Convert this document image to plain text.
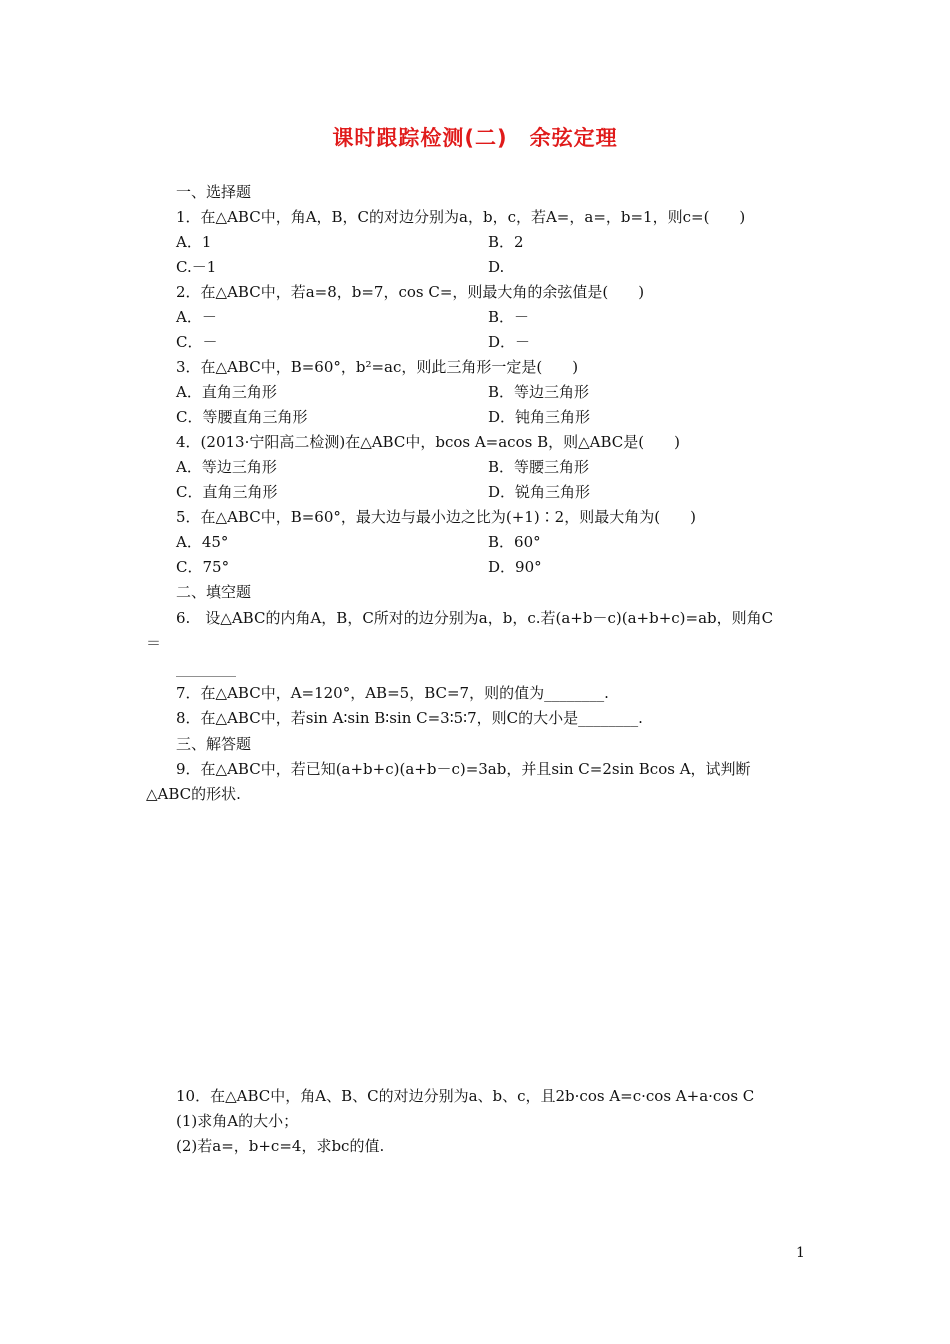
课时跟踪检测(二)　余弦定理
一、选择题
1．在△ABC中，角A，B，C的对边分别为a，b，c，若A=，a=，b=1，则c=(　　)
A．1	B．2
C.－1	D.
2．在△ABC中，若a=8，b=7，cos C=，则最大角的余弦值是(　　)
A．－	B．－
C．－	D．－
3．在△ABC中，B=60°，b²=ac，则此三角形一定是(　　)
A．直角三角形	B．等边三角形
C．等腰直角三角形	D．钝角三角形
4．(2013·宁阳高二检测)在△ABC中，bcos A=acos B，则△ABC是(　　)
A．等边三角形	B．等腰三角形
C．直角三角形	D．锐角三角形
5．在△ABC中，B=60°，最大边与最小边之比为(+1)∶2，则最大角为(　　)
A．45°	B．60°
C．75°	D．90°
二、填空题
6.　设△ABC的内角A，B，C所对的边分别为a，b，c.若(a+b－c)(a+b+c)=ab，则角C
＝
________
7．在△ABC中，A=120°，AB=5，BC=7，则的值为________.
8．在△ABC中，若sin A∶sin B∶sin C=3∶5∶7，则C的大小是________.
三、解答题
9．在△ABC中，若已知(a+b+c)(a+b－c)=3ab，并且sin C=2sin Bcos A，试判断
△ABC的形状.
10．在△ABC中，角A、B、C的对边分别为a、b、c，且2b·cos A=c·cos A+a·cos C
(1)求角A的大小；
(2)若a=，b+c=4，求bc的值.
1
